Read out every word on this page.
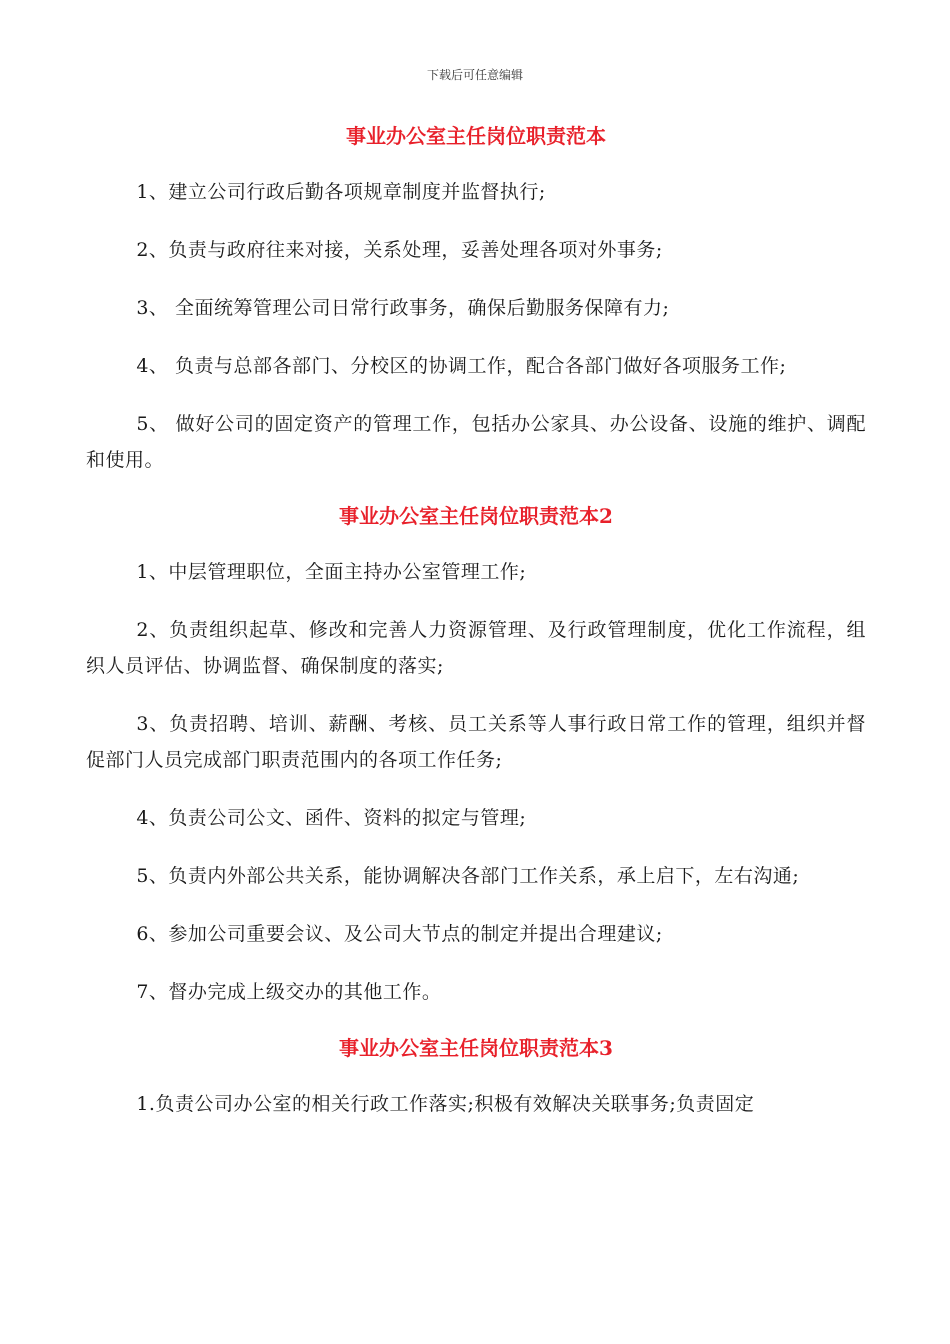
下载后可任意编辑
事业办公室主任岗位职责范本

1、建立公司行政后勤各项规章制度并监督执行;

2、负责与政府往来对接，关系处理，妥善处理各项对外事务;

3、 全面统筹管理公司日常行政事务，确保后勤服务保障有力;

4、 负责与总部各部门、分校区的协调工作，配合各部门做好各项服务工作;

5、 做好公司的固定资产的管理工作，包括办公家具、办公设备、设施的维护、调配和使用。

事业办公室主任岗位职责范本2

1、中层管理职位，全面主持办公室管理工作;

2、负责组织起草、修改和完善人力资源管理、及行政管理制度，优化工作流程，组织人员评估、协调监督、确保制度的落实;

3、负责招聘、培训、薪酬、考核、员工关系等人事行政日常工作的管理，组织并督促部门人员完成部门职责范围内的各项工作任务;

4、负责公司公文、函件、资料的拟定与管理;

5、负责内外部公共关系，能协调解决各部门工作关系，承上启下，左右沟通;

6、参加公司重要会议、及公司大节点的制定并提出合理建议;

7、督办完成上级交办的其他工作。

事业办公室主任岗位职责范本3

1.负责公司办公室的相关行政工作落实;积极有效解决关联事务;负责固定
